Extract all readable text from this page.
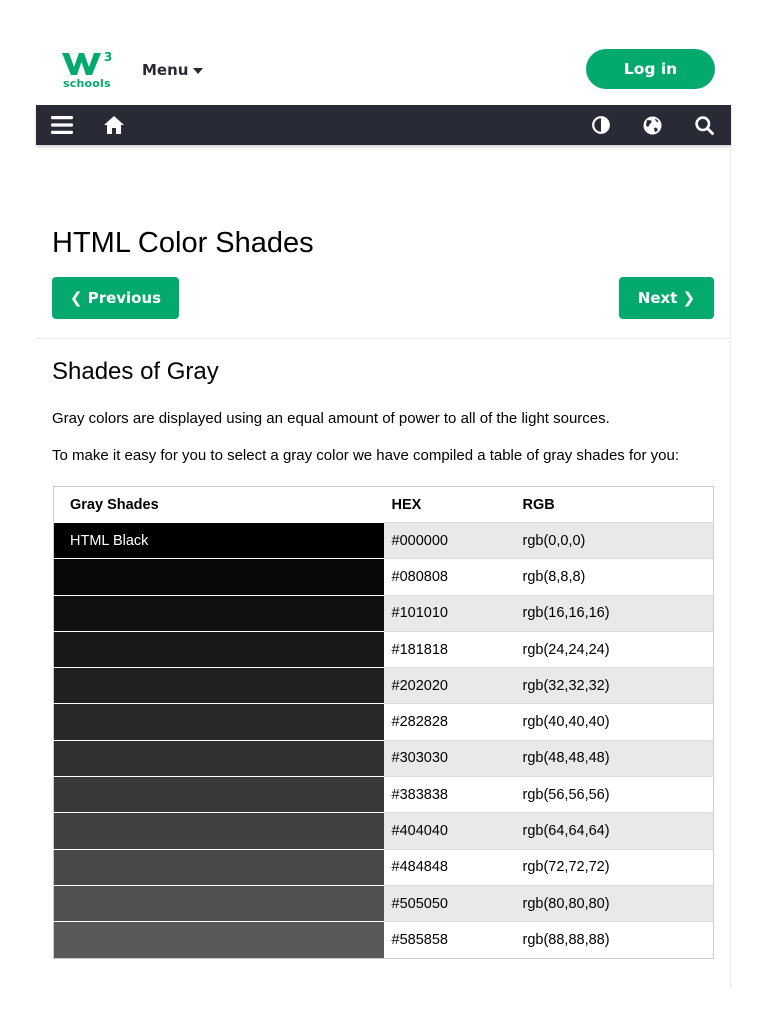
3
schools
Menu	Log in
HTML Color Shades
❮ Previous	Next ❯
Shades of Gray

Gray colors are displayed using an equal amount of power to all of the light sources.

To make it easy for you to select a gray color we have compiled a table of gray shades for you:

Gray Shades	HEX	RGB
HTML Black	#000000	rgb(0,0,0)
	#080808	rgb(8,8,8)
	#101010	rgb(16,16,16)
	#181818	rgb(24,24,24)
	#202020	rgb(32,32,32)
	#282828	rgb(40,40,40)
	#303030	rgb(48,48,48)
	#383838	rgb(56,56,56)
	#404040	rgb(64,64,64)
	#484848	rgb(72,72,72)
	#505050	rgb(80,80,80)
	#585858	rgb(88,88,88)
